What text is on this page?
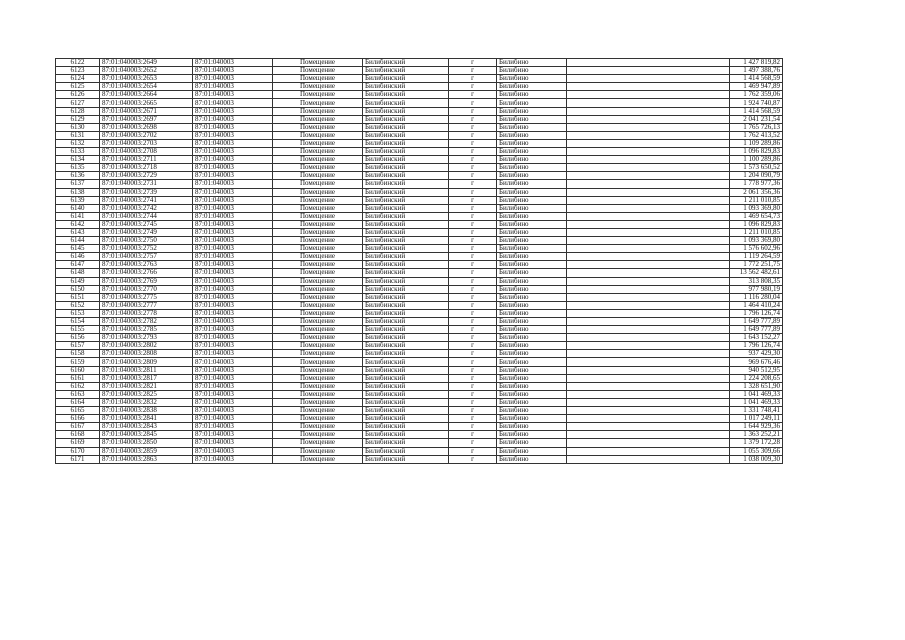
6122	87:01:040003:2649	87:01:040003	Помещение	Билибинский	г	Билибино		1 427 819,82
6123	87:01:040003:2652	87:01:040003	Помещение	Билибинский	г	Билибино		1 497 388,76
6124	87:01:040003:2653	87:01:040003	Помещение	Билибинский	г	Билибино		1 414 568,59
6125	87:01:040003:2654	87:01:040003	Помещение	Билибинский	г	Билибино		1 469 947,89
6126	87:01:040003:2664	87:01:040003	Помещение	Билибинский	г	Билибино		1 762 359,06
6127	87:01:040003:2665	87:01:040003	Помещение	Билибинский	г	Билибино		1 924 740,87
6128	87:01:040003:2671	87:01:040003	Помещение	Билибинский	г	Билибино		1 414 568,59
6129	87:01:040003:2697	87:01:040003	Помещение	Билибинский	г	Билибино		2 041 231,54
6130	87:01:040003:2698	87:01:040003	Помещение	Билибинский	г	Билибино		1 765 726,13
6131	87:01:040003:2702	87:01:040003	Помещение	Билибинский	г	Билибино		1 762 413,52
6132	87:01:040003:2703	87:01:040003	Помещение	Билибинский	г	Билибино		1 109 289,86
6133	87:01:040003:2708	87:01:040003	Помещение	Билибинский	г	Билибино		1 096 829,83
6134	87:01:040003:2711	87:01:040003	Помещение	Билибинский	г	Билибино		1 100 289,86
6135	87:01:040003:2718	87:01:040003	Помещение	Билибинский	г	Билибино		1 573 650,52
6136	87:01:040003:2729	87:01:040003	Помещение	Билибинский	г	Билибино		1 204 090,79
6137	87:01:040003:2731	87:01:040003	Помещение	Билибинский	г	Билибино		1 778 977,36
6138	87:01:040003:2739	87:01:040003	Помещение	Билибинский	г	Билибино		2 061 356,36
6139	87:01:040003:2741	87:01:040003	Помещение	Билибинский	г	Билибино		1 211 010,85
6140	87:01:040003:2742	87:01:040003	Помещение	Билибинский	г	Билибино		1 093 369,80
6141	87:01:040003:2744	87:01:040003	Помещение	Билибинский	г	Билибино		1 469 654,73
6142	87:01:040003:2745	87:01:040003	Помещение	Билибинский	г	Билибино		1 096 829,83
6143	87:01:040003:2749	87:01:040003	Помещение	Билибинский	г	Билибино		1 211 010,85
6144	87:01:040003:2750	87:01:040003	Помещение	Билибинский	г	Билибино		1 093 369,80
6145	87:01:040003:2752	87:01:040003	Помещение	Билибинский	г	Билибино		1 576 602,96
6146	87:01:040003:2757	87:01:040003	Помещение	Билибинский	г	Билибино		1 119 264,59
6147	87:01:040003:2763	87:01:040003	Помещение	Билибинский	г	Билибино		1 772 251,75
6148	87:01:040003:2766	87:01:040003	Помещение	Билибинский	г	Билибино		13 562 482,61
6149	87:01:040003:2769	87:01:040003	Помещение	Билибинский	г	Билибино		313 808,35
6150	87:01:040003:2770	87:01:040003	Помещение	Билибинский	г	Билибино		977 980,19
6151	87:01:040003:2775	87:01:040003	Помещение	Билибинский	г	Билибино		1 116 280,04
6152	87:01:040003:2777	87:01:040003	Помещение	Билибинский	г	Билибино		1 464 410,24
6153	87:01:040003:2778	87:01:040003	Помещение	Билибинский	г	Билибино		1 796 126,74
6154	87:01:040003:2782	87:01:040003	Помещение	Билибинский	г	Билибино		1 649 777,89
6155	87:01:040003:2785	87:01:040003	Помещение	Билибинский	г	Билибино		1 649 777,89
6156	87:01:040003:2793	87:01:040003	Помещение	Билибинский	г	Билибино		1 643 152,27
6157	87:01:040003:2802	87:01:040003	Помещение	Билибинский	г	Билибино		1 796 126,74
6158	87:01:040003:2808	87:01:040003	Помещение	Билибинский	г	Билибино		937 429,30
6159	87:01:040003:2809	87:01:040003	Помещение	Билибинский	г	Билибино		969 676,46
6160	87:01:040003:2811	87:01:040003	Помещение	Билибинский	г	Билибино		940 512,95
6161	87:01:040003:2817	87:01:040003	Помещение	Билибинский	г	Билибино		1 224 208,65
6162	87:01:040003:2821	87:01:040003	Помещение	Билибинский	г	Билибино		1 328 651,90
6163	87:01:040003:2825	87:01:040003	Помещение	Билибинский	г	Билибино		1 041 469,33
6164	87:01:040003:2832	87:01:040003	Помещение	Билибинский	г	Билибино		1 041 469,33
6165	87:01:040003:2838	87:01:040003	Помещение	Билибинский	г	Билибино		1 331 748,41
6166	87:01:040003:2841	87:01:040003	Помещение	Билибинский	г	Билибино		1 017 249,11
6167	87:01:040003:2843	87:01:040003	Помещение	Билибинский	г	Билибино		1 644 929,36
6168	87:01:040003:2845	87:01:040003	Помещение	Билибинский	г	Билибино		1 363 252,21
6169	87:01:040003:2850	87:01:040003	Помещение	Билибинский	г	Билибино		1 379 172,28
6170	87:01:040003:2859	87:01:040003	Помещение	Билибинский	г	Билибино		1 055 309,66
6171	87:01:040003:2863	87:01:040003	Помещение	Билибинский	г	Билибино		1 038 009,30
